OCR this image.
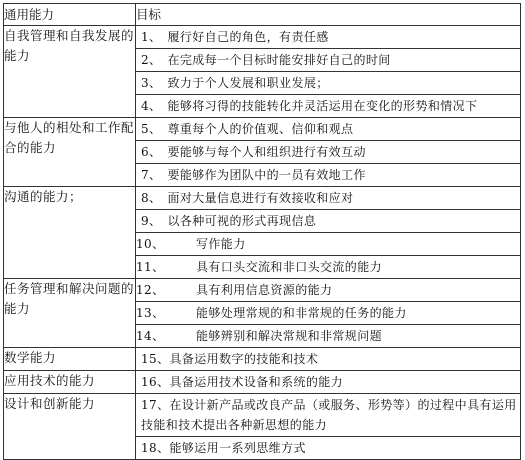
通用能力	目标
自我管理和自我发展的能力	1、 履行好自己的角色，有责任感
2、 在完成每一个目标时能安排好自己的时间
3、 致力于个人发展和职业发展；
4、 能够将习得的技能转化并灵活运用在变化的形势和情况下

与他人的相处和工作配合的能力	5、 尊重每个人的价值观、信仰和观点
6、 要能够与每个人和组织进行有效互动
7、 要能够作为团队中的一员有效地工作

沟通的能力；	8、 面对大量信息进行有效接收和应对
9、 以各种可视的形式再现信息
10、 写作能力
11、 具有口头交流和非口头交流的能力

任务管理和解决问题的能力	12、 具有利用信息资源的能力
13、 能够处理常规的和非常规的任务的能力
14、 能够辨别和解决常规和非常规问题

数学能力	15、具备运用数字的技能和技术

应用技术的能力	16、具备运用技术设备和系统的能力

设计和创新能力	17、在设计新产品或改良产品（或服务、形势等）的过程中具有运用技能和技术提出各种新思想的能力
18、能够运用一系列思维方式
